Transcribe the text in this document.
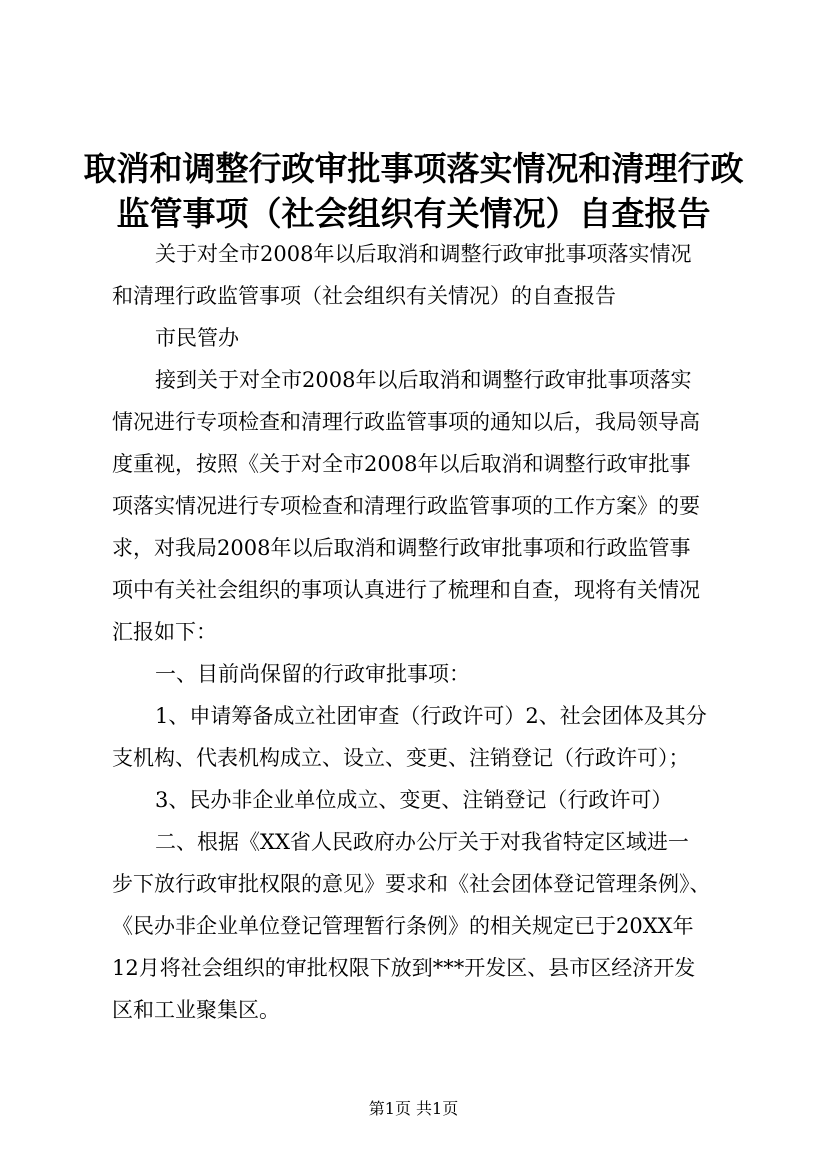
取消和调整行政审批事项落实情况和清理行政
监管事项（社会组织有关情况）自查报告
关于对全市2008年以后取消和调整行政审批事项落实情况
和清理行政监管事项（社会组织有关情况）的自查报告
市民管办
接到关于对全市2008年以后取消和调整行政审批事项落实
情况进行专项检查和清理行政监管事项的通知以后，我局领导高
度重视，按照《关于对全市2008年以后取消和调整行政审批事
项落实情况进行专项检查和清理行政监管事项的工作方案》的要
求，对我局2008年以后取消和调整行政审批事项和行政监管事
项中有关社会组织的事项认真进行了梳理和自查，现将有关情况
汇报如下：
一、目前尚保留的行政审批事项：
1、申请筹备成立社团审查（行政许可）2、社会团体及其分
支机构、代表机构成立、设立、变更、注销登记（行政许可）；
3、民办非企业单位成立、变更、注销登记（行政许可）
二、根据《XX省人民政府办公厅关于对我省特定区域进一
步下放行政审批权限的意见》要求和《社会团体登记管理条例》、
《民办非企业单位登记管理暂行条例》的相关规定已于20XX年
12月将社会组织的审批权限下放到***开发区、县市区经济开发
区和工业聚集区。
第1页 共1页
